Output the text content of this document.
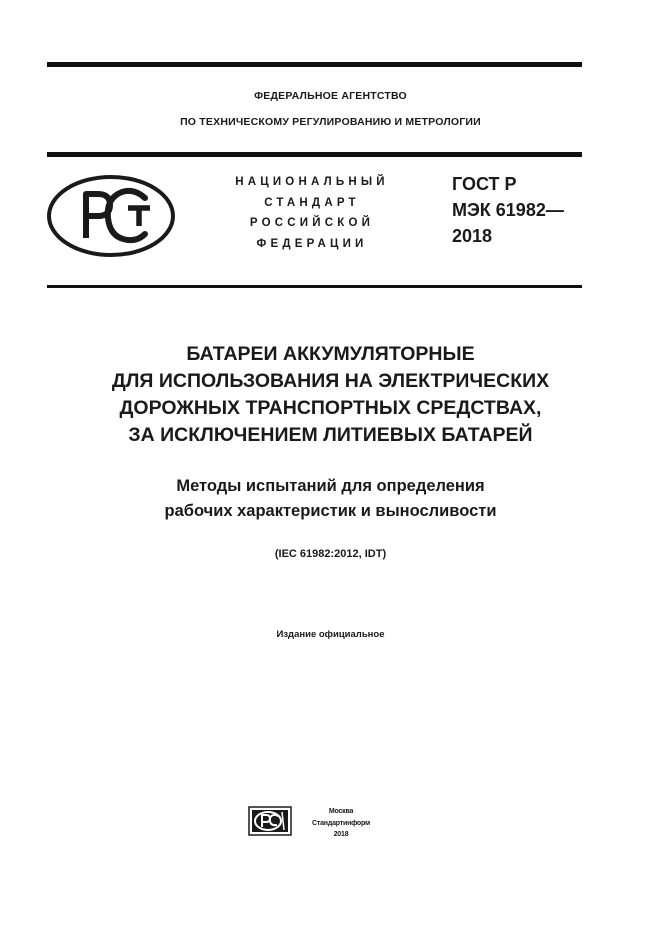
ФЕДЕРАЛЬНОЕ АГЕНТСТВО
ПО ТЕХНИЧЕСКОМУ РЕГУЛИРОВАНИЮ И МЕТРОЛОГИИ
НАЦИОНАЛЬНЫЙ
СТАНДАРТ
РОССИЙСКОЙ
ФЕДЕРАЦИИ
ГОСТ Р
МЭК 61982—
2018
БАТАРЕИ АККУМУЛЯТОРНЫЕ
ДЛЯ ИСПОЛЬЗОВАНИЯ НА ЭЛЕКТРИЧЕСКИХ
ДОРОЖНЫХ ТРАНСПОРТНЫХ СРЕДСТВАХ,
ЗА ИСКЛЮЧЕНИЕМ ЛИТИЕВЫХ БАТАРЕЙ
Методы испытаний для определения
рабочих характеристик и выносливости
(IEC 61982:2012, IDT)
Издание официальное
Москва
Стандартинформ
2018
